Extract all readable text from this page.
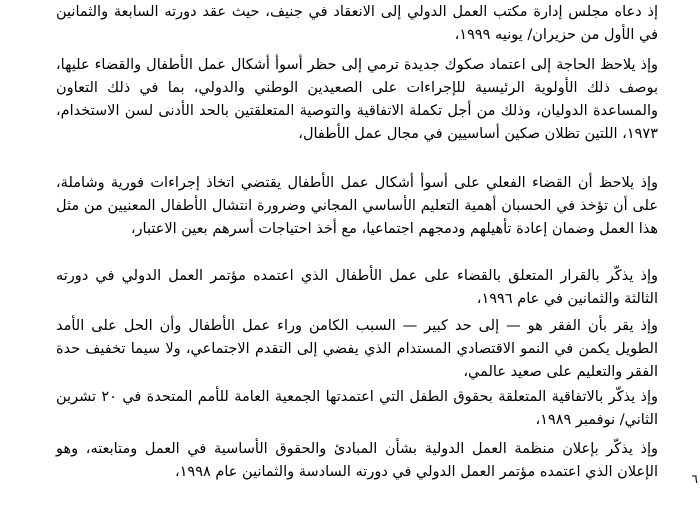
إذ دعاه مجلس إدارة مكتب العمل الدولي إلى الانعقاد في جنيف، حيث عقد دورته السابعة والثمانين في الأول من حزيران/ يونيه ١٩٩٩،
وإذ يلاحظ الحاجة إلى اعتماد صكوك جديدة ترمي إلى حظر أسوأ أشكال عمل الأطفال والقضاء عليها، بوصف ذلك الأولوية الرئيسية للإجراءات على الصعيدين الوطني والدولي، بما في ذلك التعاون والمساعدة الدوليان، وذلك من أجل تكملة الاتفاقية والتوصية المتعلقتين بالحد الأدنى لسن الاستخدام، ١٩٧٣، اللتين تظلان صكين أساسيين في مجال عمل الأطفال،
وإذ يلاحظ أن القضاء الفعلي على أسوأ أشكال عمل الأطفال يقتضي اتخاذ إجراءات فورية وشاملة، على أن تؤخذ في الحسبان أهمية التعليم الأساسي المجاني وضرورة انتشال الأطفال المعنيين من مثل هذا العمل وضمان إعادة تأهيلهم ودمجهم اجتماعيا، مع أخذ احتياجات أسرهم بعين الاعتبار،
وإذ يذكّر بالقرار المتعلق بالقضاء على عمل الأطفال الذي اعتمده مؤتمر العمل الدولي في دورته الثالثة والثمانين في عام ١٩٩٦،
وإذ يقر بأن الفقر هو — إلى حد كبير — السبب الكامن وراء عمل الأطفال وأن الحل على الأمد الطويل يكمن في النمو الاقتصادي المستدام الذي يفضي إلى التقدم الاجتماعي، ولا سيما تخفيف حدة الفقر والتعليم على صعيد عالمي،
وإذ يذكّر بالاتفاقية المتعلقة بحقوق الطفل التي اعتمدتها الجمعية العامة للأمم المتحدة في ٢٠ تشرين الثاني/ نوفمبر ١٩٨٩،
وإذ يذكّر بإعلان منظمة العمل الدولية بشأن المبادئ والحقوق الأساسية في العمل ومتابعته، وهو الإعلان الذي اعتمده مؤتمر العمل الدولي في دورته السادسة والثمانين عام ١٩٩٨،	٦
